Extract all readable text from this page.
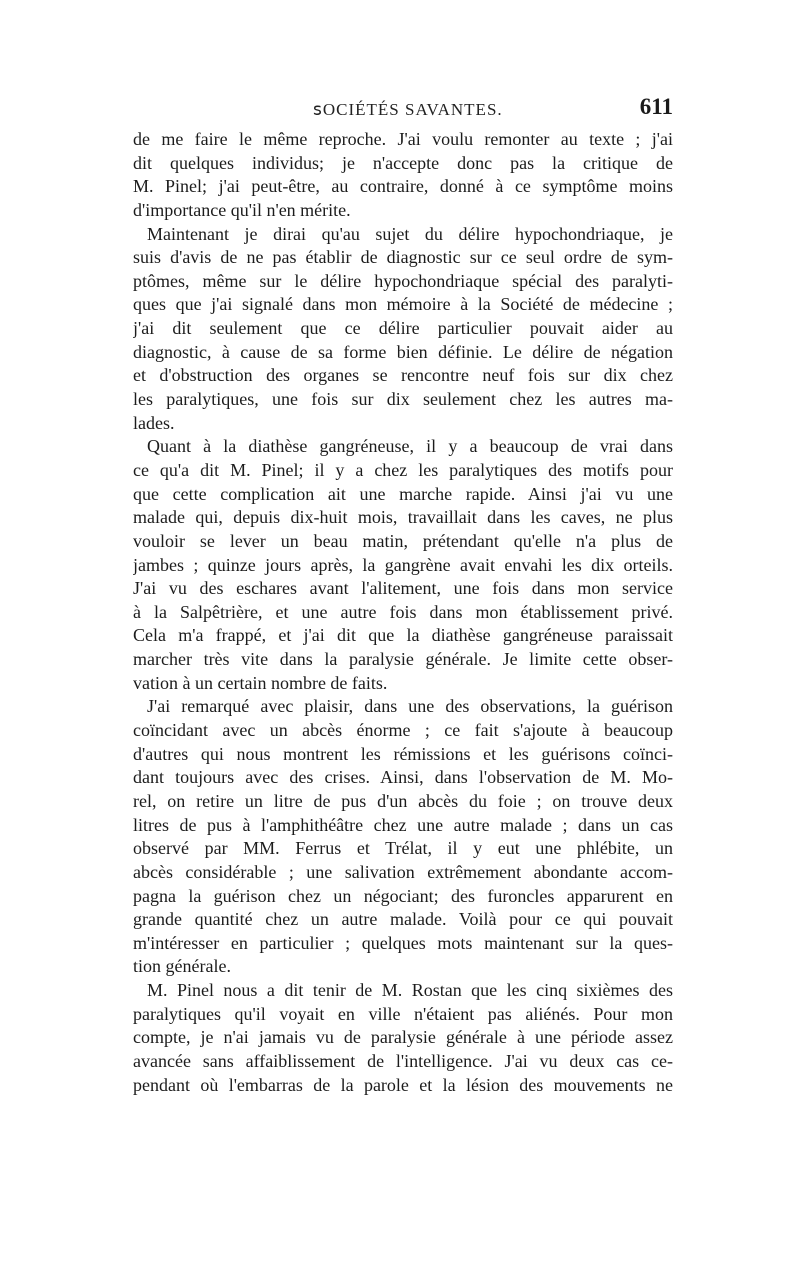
ꜱOCIÉTÉS SAVANTES.	611
de me faire le même reproche. J'ai voulu remonter au texte ; j'ai
dit quelques individus; je n'accepte donc pas la critique de
M. Pinel; j'ai peut-être, au contraire, donné à ce symptôme moins
d'importance qu'il n'en mérite.
Maintenant je dirai qu'au sujet du délire hypochondriaque, je
suis d'avis de ne pas établir de diagnostic sur ce seul ordre de sym-
ptômes, même sur le délire hypochondriaque spécial des paralyti-
ques que j'ai signalé dans mon mémoire à la Société de médecine ;
j'ai dit seulement que ce délire particulier pouvait aider au
diagnostic, à cause de sa forme bien définie. Le délire de négation
et d'obstruction des organes se rencontre neuf fois sur dix chez
les paralytiques, une fois sur dix seulement chez les autres ma-
lades.
Quant à la diathèse gangréneuse, il y a beaucoup de vrai dans
ce qu'a dit M. Pinel; il y a chez les paralytiques des motifs pour
que cette complication ait une marche rapide. Ainsi j'ai vu une
malade qui, depuis dix-huit mois, travaillait dans les caves, ne plus
vouloir se lever un beau matin, prétendant qu'elle n'a plus de
jambes ; quinze jours après, la gangrène avait envahi les dix orteils.
J'ai vu des eschares avant l'alitement, une fois dans mon service
à la Salpêtrière, et une autre fois dans mon établissement privé.
Cela m'a frappé, et j'ai dit que la diathèse gangréneuse paraissait
marcher très vite dans la paralysie générale. Je limite cette obser-
vation à un certain nombre de faits.
J'ai remarqué avec plaisir, dans une des observations, la guérison
coïncidant avec un abcès énorme ; ce fait s'ajoute à beaucoup
d'autres qui nous montrent les rémissions et les guérisons coïnci-
dant toujours avec des crises. Ainsi, dans l'observation de M. Mo-
rel, on retire un litre de pus d'un abcès du foie ; on trouve deux
litres de pus à l'amphithéâtre chez une autre malade ; dans un cas
observé par MM. Ferrus et Trélat, il y eut une phlébite, un
abcès considérable ; une salivation extrêmement abondante accom-
pagna la guérison chez un négociant; des furoncles apparurent en
grande quantité chez un autre malade. Voilà pour ce qui pouvait
m'intéresser en particulier ; quelques mots maintenant sur la ques-
tion générale.
M. Pinel nous a dit tenir de M. Rostan que les cinq sixièmes des
paralytiques qu'il voyait en ville n'étaient pas aliénés. Pour mon
compte, je n'ai jamais vu de paralysie générale à une période assez
avancée sans affaiblissement de l'intelligence. J'ai vu deux cas ce-
pendant où l'embarras de la parole et la lésion des mouvements ne
